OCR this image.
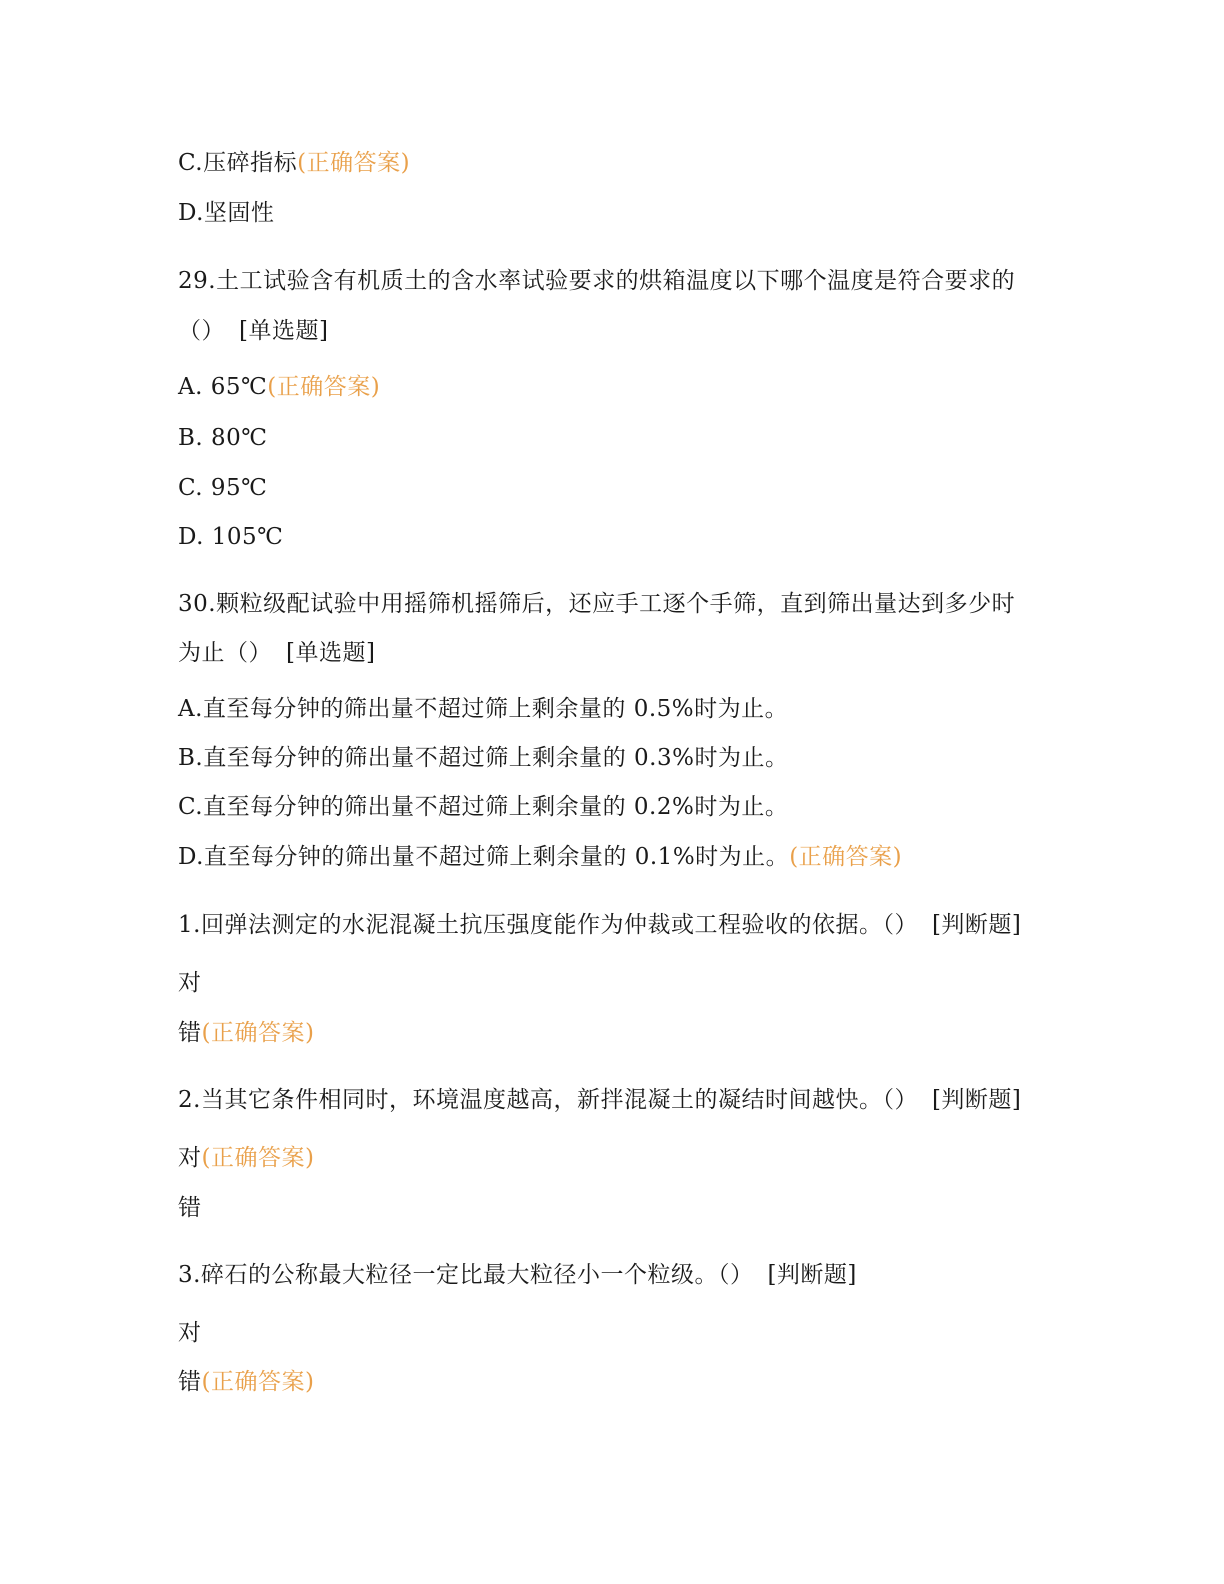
C.压碎指标(正确答案)
D.坚固性
29.土工试验含有机质土的含水率试验要求的烘箱温度以下哪个温度是符合要求的
（） [单选题]
A. 65℃(正确答案)
B. 80℃
C. 95℃
D. 105℃
30.颗粒级配试验中用摇筛机摇筛后，还应手工逐个手筛，直到筛出量达到多少时
为止（） [单选题]
A.直至每分钟的筛出量不超过筛上剩余量的 0.5%时为止。
B.直至每分钟的筛出量不超过筛上剩余量的 0.3%时为止。
C.直至每分钟的筛出量不超过筛上剩余量的 0.2%时为止。
D.直至每分钟的筛出量不超过筛上剩余量的 0.1%时为止。(正确答案)
1.回弹法测定的水泥混凝土抗压强度能作为仲裁或工程验收的依据。（） [判断题]
对
错(正确答案)
2.当其它条件相同时，环境温度越高，新拌混凝土的凝结时间越快。（） [判断题]
对(正确答案)
错
3.碎石的公称最大粒径一定比最大粒径小一个粒级。（） [判断题]
对
错(正确答案)
